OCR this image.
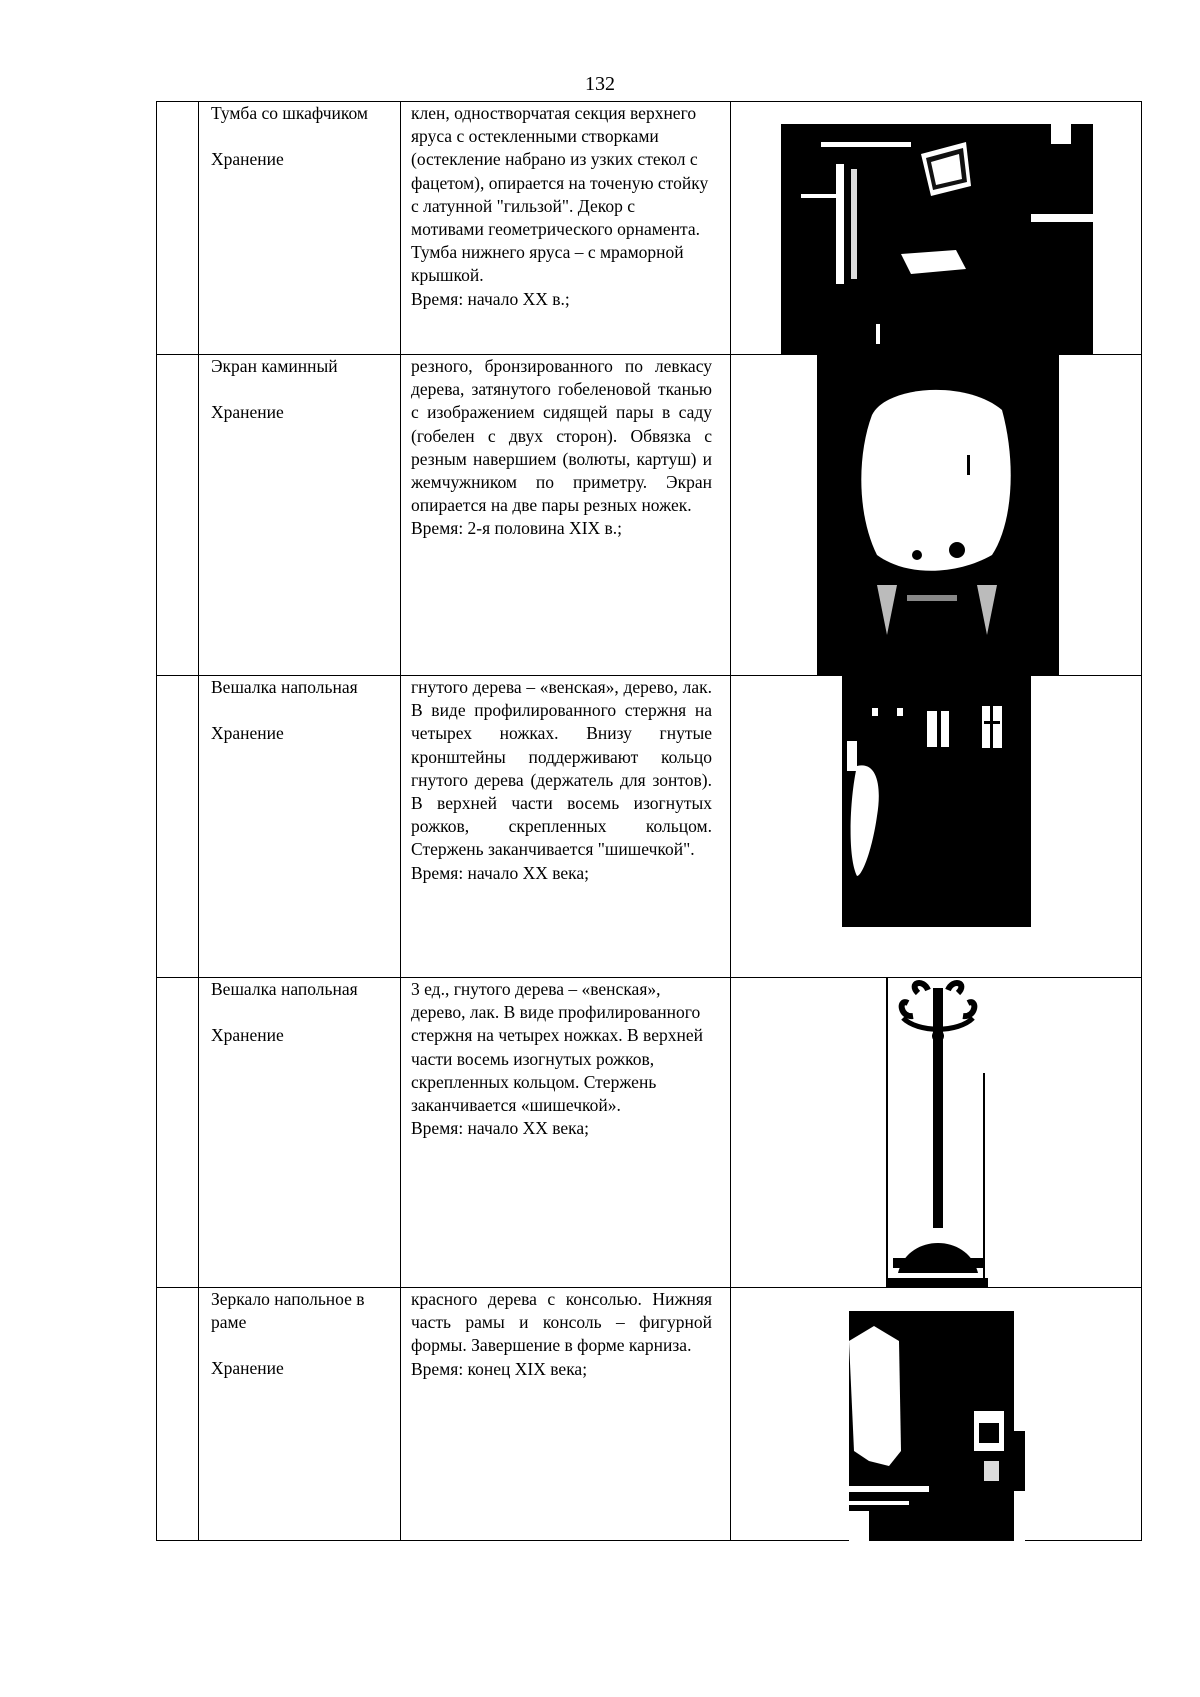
132

	Тумба со шкафчиком
Хранение	клен, одностворчатая секция верхнего яруса с остекленными створками (остекление набрано из узких стекол с фацетом), опирается на точеную стойку с латунной "гильзой". Декор с мотивами геометрического орнамента. Тумба нижнего яруса – с мраморной крышкой.
Время: начало XX в.;

	Экран каминный
Хранение	резного, бронзированного по левкасу дерева, затянутого гобеленовой тканью с изображением сидящей пары в саду (гобелен с двух сторон). Обвязка с резным навершием (волюты, картуш) и жемчужником по приметру. Экран опирается на две пары резных ножек.
Время: 2-я половина XIX в.;

	Вешалка напольная
Хранение	гнутого дерева – «венская», дерево, лак. В виде профилированного стержня на четырех ножках. Внизу гнутые кронштейны поддерживают кольцо гнутого дерева (держатель для зонтов). В верхней части восемь изогнутых рожков, скрепленных кольцом. Стержень заканчивается "шишечкой".
Время: начало XX века;

	Вешалка напольная
Хранение	3 ед., гнутого дерева – «венская», дерево, лак. В виде профилированного стержня на четырех ножках. В верхней части восемь изогнутых рожков, скрепленных кольцом. Стержень заканчивается «шишечкой».
Время: начало XX века;

	Зеркало напольное в раме
Хранение	красного дерева с консолью. Нижняя часть рамы и консоль – фигурной формы. Завершение в форме карниза.
Время: конец XIX века;
